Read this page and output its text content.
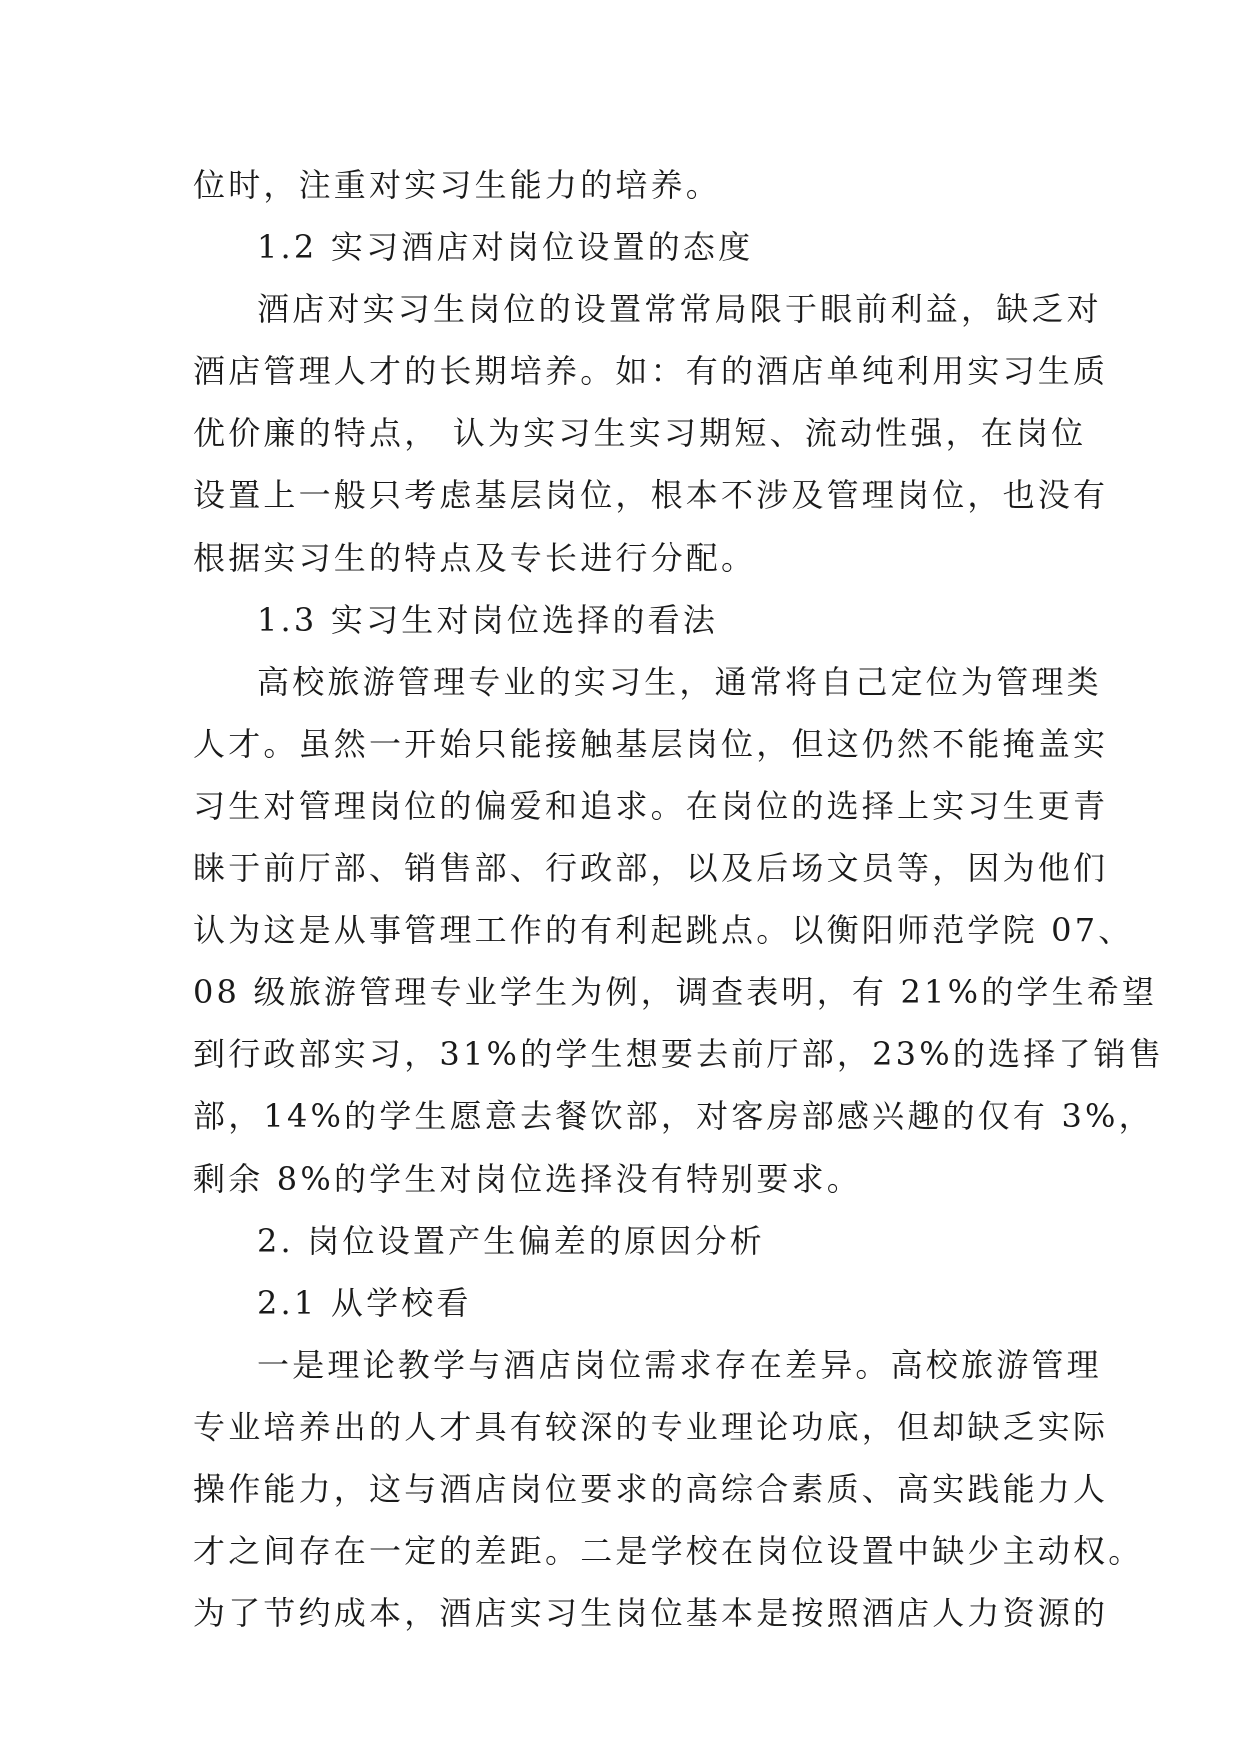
位时，注重对实习生能力的培养。
1.2 实习酒店对岗位设置的态度
酒店对实习生岗位的设置常常局限于眼前利益，缺乏对
酒店管理人才的长期培养。如：有的酒店单纯利用实习生质
优价廉的特点， 认为实习生实习期短、流动性强，在岗位
设置上一般只考虑基层岗位，根本不涉及管理岗位，也没有
根据实习生的特点及专长进行分配。
1.3 实习生对岗位选择的看法
高校旅游管理专业的实习生，通常将自己定位为管理类
人才。虽然一开始只能接触基层岗位，但这仍然不能掩盖实
习生对管理岗位的偏爱和追求。在岗位的选择上实习生更青
睐于前厅部、销售部、行政部，以及后场文员等，因为他们
认为这是从事管理工作的有利起跳点。以衡阳师范学院 07、
08 级旅游管理专业学生为例，调查表明，有 21%的学生希望
到行政部实习，31%的学生想要去前厅部，23%的选择了销售
部，14%的学生愿意去餐饮部，对客房部感兴趣的仅有 3%，
剩余 8%的学生对岗位选择没有特别要求。
2. 岗位设置产生偏差的原因分析
2.1 从学校看
一是理论教学与酒店岗位需求存在差异。高校旅游管理
专业培养出的人才具有较深的专业理论功底，但却缺乏实际
操作能力，这与酒店岗位要求的高综合素质、高实践能力人
才之间存在一定的差距。二是学校在岗位设置中缺少主动权。
为了节约成本，酒店实习生岗位基本是按照酒店人力资源的
